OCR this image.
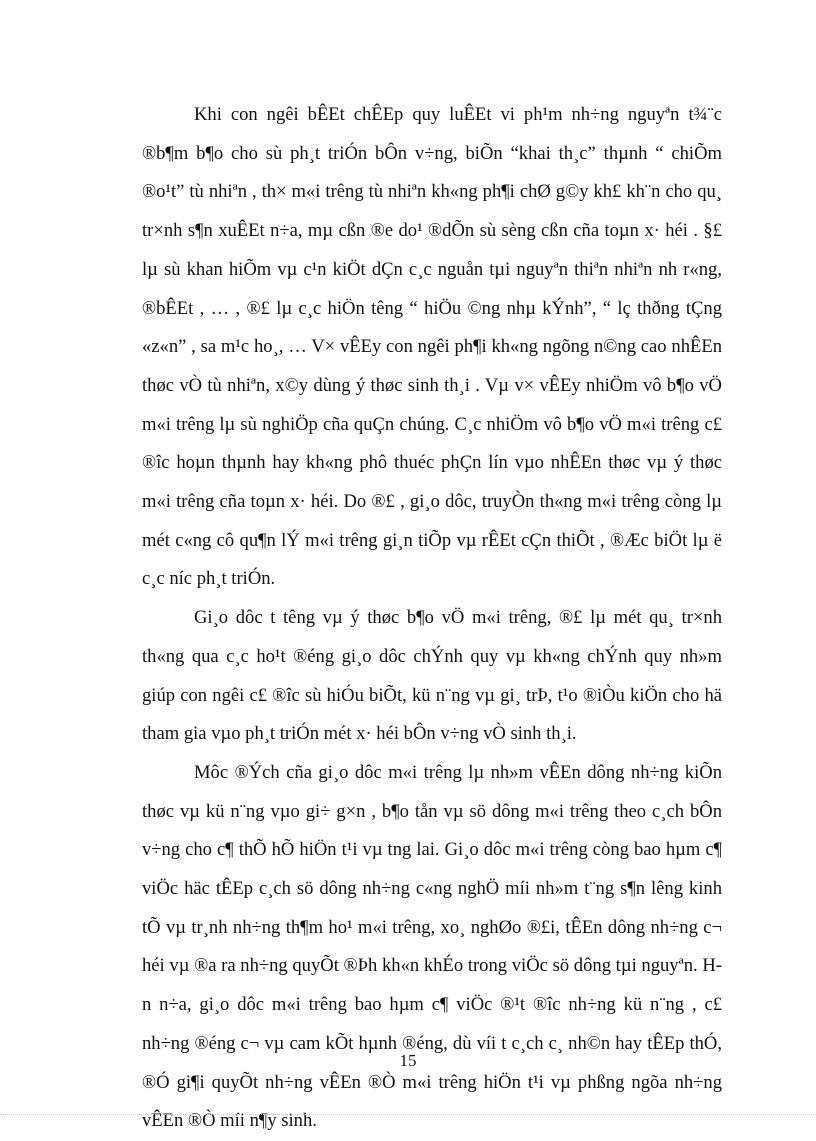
Khi con ngêi bÊEt chÊEp quy luÊEt vi ph¹m nh÷ng nguyªn t¾¨c ®b¶m b¶o cho sù ph¸t triÓn bÔn v÷ng, biÕn “khai th¸c” thµnh “ chiÕm ®o¹t” tù nhiªn , th× m«i trêng tù nhiªn kh«ng ph¶i chØ g©y kh£ kh¨n cho qu¸ tr×nh s¶n xuÊEt n÷a, mµ cßn ®e do¹ ®dÕn sù sèng cßn cña toµn x· héi . §£ lµ sù khan hiÕm vµ c¹n kiÖt dÇn c¸c nguån tµi nguyªn thiªn nhiªn nh r«ng, ®bÊEt , … , ®£ lµ c¸c hiÖn têng “ hiÖu ©ng nhµ kÝnh”, “ lç thðng tÇng «z«n” , sa m¹c ho¸, … V× vÊEy con ngêi ph¶i kh«ng ngõng n©ng cao nhÊEn thøc vÒ tù nhiªn, x©y dùng ý thøc sinh th¸i . Vµ v× vÊEy nhiÖm vô b¶o vÖ m«i trêng lµ sù nghiÖp cña quÇn chúng. C¸c nhiÖm vô b¶o vÖ m«i trêng c£ ®îc hoµn thµnh hay kh«ng phô thuéc phÇn lín vµo nhÊEn thøc vµ ý thøc m«i trêng cña toµn x· héi. Do ®£ , gi¸o dôc, truyÒn th«ng m«i trêng còng lµ mét c«ng cô qu¶n lÝ m«i trêng gi¸n tiÕp vµ rÊEt cÇn thiÕt , ®Æc biÖt lµ ë c¸c níc ph¸t triÓn.

Gi¸o dôc t têng vµ ý thøc b¶o vÖ m«i trêng, ®£ lµ mét qu¸ tr×nh th«ng qua c¸c ho¹t ®éng gi¸o dôc chÝnh quy vµ kh«ng chÝnh quy nh»m giúp con ngêi c£ ®îc sù hiÓu biÕt, kü n¨ng vµ gi¸ trÞ, t¹o ®iÒu kiÖn cho hä tham gia vµo ph¸t triÓn mét x· héi bÔn v÷ng vÒ sinh th¸i.

Môc ®Ých cña gi¸o dôc m«i trêng lµ nh»m vÊEn dông nh÷ng kiÕn thøc vµ kü n¨ng vµo gi÷ g×n , b¶o tån vµ sö dông m«i trêng theo c¸ch bÔn v÷ng cho c¶ thÕ hÕ hiÖn t¹i vµ tng lai. Gi¸o dôc m«i trêng còng bao hµm c¶ viÖc häc tÊEp c¸ch sö dông nh÷ng c«ng nghÖ míi nh»m t¨ng s¶n lêng kinh tÕ vµ tr¸nh nh÷ng th¶m ho¹ m«i trêng, xo¸ nghØo ®£i, tÊEn dông nh÷ng c¬ héi vµ ®a ra nh÷ng quyÕt ®Þh kh«n khÉo trong viÖc sö dông tµi nguyªn. Hn n÷a, gi¸o dôc m«i trêng bao hµm c¶ viÖc ®¹t ®îc nh÷ng kü n¨ng , c£ nh÷ng ®éng c¬ vµ cam kÕt hµnh ®éng, dù víi t c¸ch c¸ nh©n hay tÊEp thÓ, ®Ó gi¶i quyÕt nh÷ng vÊEn ®Ò m«i trêng hiÖn t¹i vµ phßng ngõa nh÷ng vÊEn ®Ò míi n¶y sinh.

15
